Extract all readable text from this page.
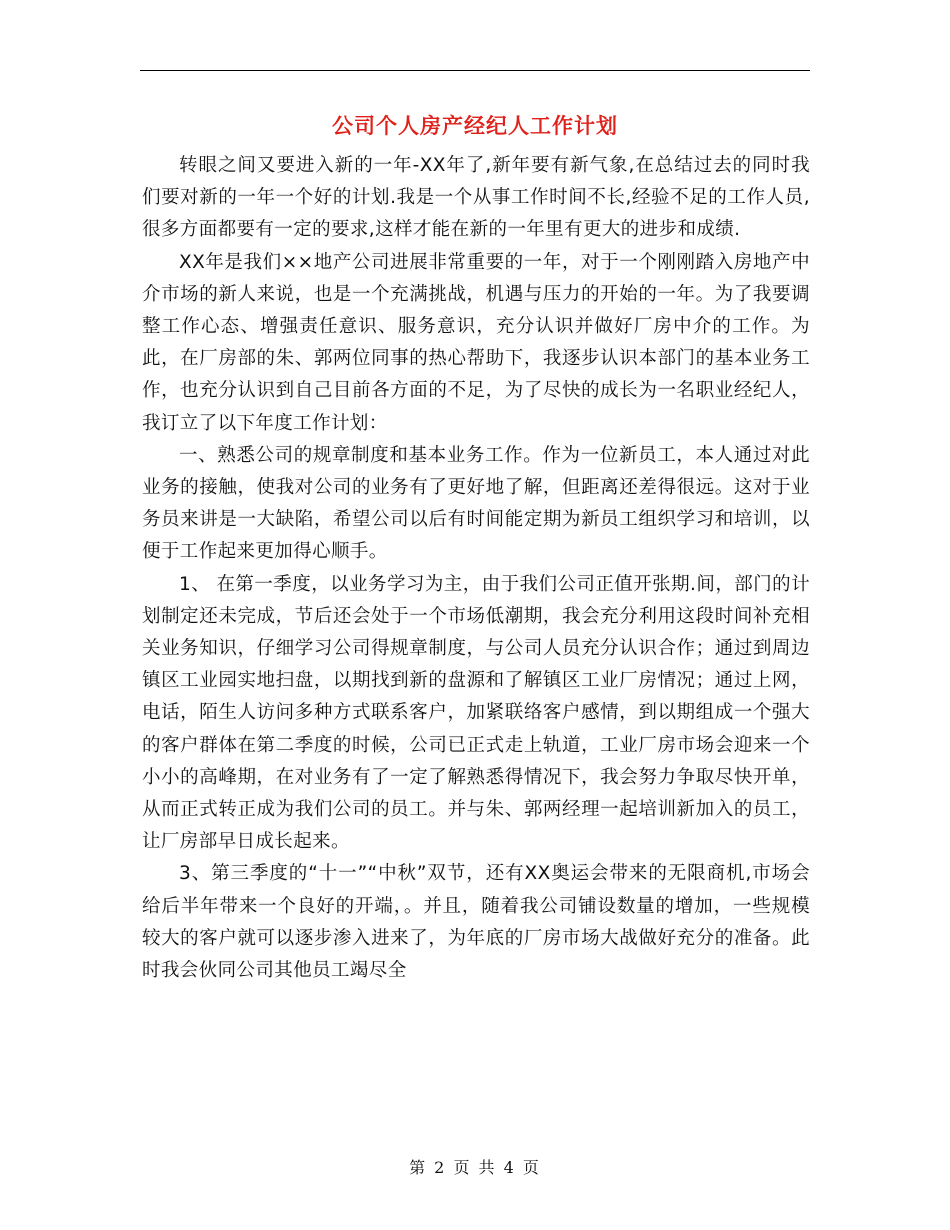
公司个人房产经纪人工作计划

转眼之间又要进入新的一年-XX年了,新年要有新气象,在总结过去的同时我们要对新的一年一个好的计划.我是一个从事工作时间不长,经验不足的工作人员,很多方面都要有一定的要求,这样才能在新的一年里有更大的进步和成绩.

XX年是我们××地产公司进展非常重要的一年，对于一个刚刚踏入房地产中介市场的新人来说，也是一个充满挑战，机遇与压力的开始的一年。为了我要调整工作心态、增强责任意识、服务意识，充分认识并做好厂房中介的工作。为此，在厂房部的朱、郭两位同事的热心帮助下，我逐步认识本部门的基本业务工作，也充分认识到自己目前各方面的不足，为了尽快的成长为一名职业经纪人，我订立了以下年度工作计划：

一、熟悉公司的规章制度和基本业务工作。作为一位新员工，本人通过对此业务的接触，使我对公司的业务有了更好地了解，但距离还差得很远。这对于业务员来讲是一大缺陷，希望公司以后有时间能定期为新员工组织学习和培训，以便于工作起来更加得心顺手。

1、 在第一季度，以业务学习为主，由于我们公司正值开张期.间，部门的计划制定还未完成，节后还会处于一个市场低潮期，我会充分利用这段时间补充相关业务知识，仔细学习公司得规章制度，与公司人员充分认识合作；通过到周边镇区工业园实地扫盘，以期找到新的盘源和了解镇区工业厂房情况；通过上网，电话，陌生人访问多种方式联系客户，加紧联络客户感情，到以期组成一个强大的客户群体在第二季度的时候，公司已正式走上轨道，工业厂房市场会迎来一个小小的高峰期，在对业务有了一定了解熟悉得情况下，我会努力争取尽快开单，从而正式转正成为我们公司的员工。并与朱、郭两经理一起培训新加入的员工，让厂房部早日成长起来。

3、第三季度的“十一”“中秋”双节，还有XX奥运会带来的无限商机,市场会给后半年带来一个良好的开端，。并且，随着我公司铺设数量的增加，一些规模较大的客户就可以逐步渗入进来了，为年底的厂房市场大战做好充分的准备。此时我会伙同公司其他员工竭尽全

第 2 页 共 4 页
